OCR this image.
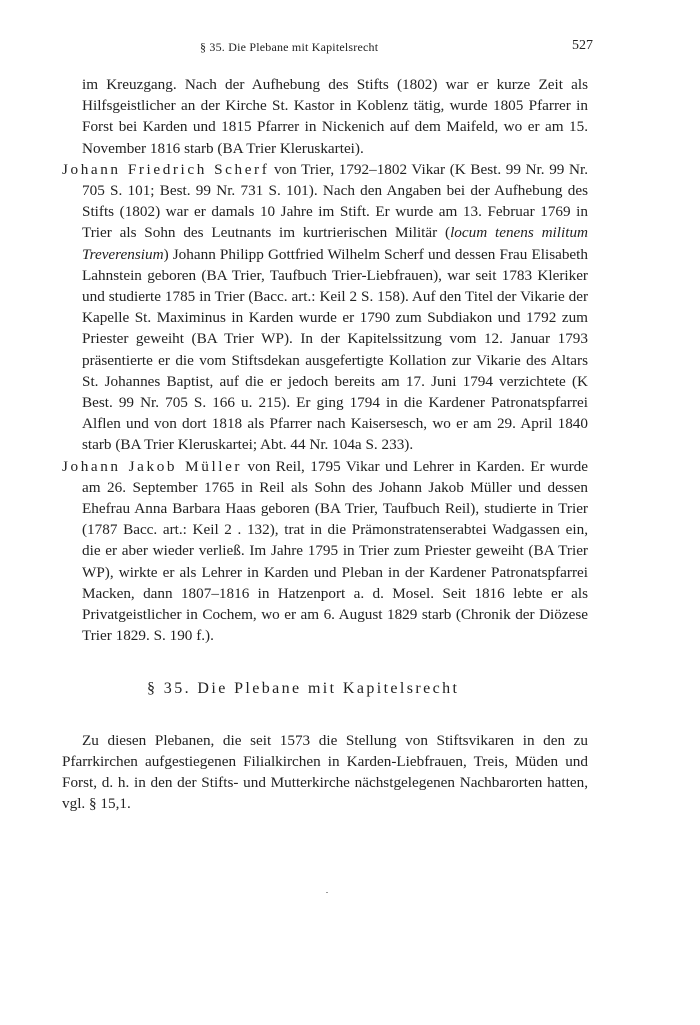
§ 35. Die Plebane mit Kapitelsrecht	527

im Kreuzgang. Nach der Aufhebung des Stifts (1802) war er kurze Zeit als Hilfsgeistlicher an der Kirche St. Kastor in Koblenz tätig, wurde 1805 Pfarrer in Forst bei Karden und 1815 Pfarrer in Nickenich auf dem Maifeld, wo er am 15. November 1816 starb (BA Trier Kleruskartei).

Johann Friedrich Scherf von Trier, 1792–1802 Vikar (K Best. 99 Nr. 99 Nr. 705 S. 101; Best. 99 Nr. 731 S. 101). Nach den Angaben bei der Aufhebung des Stifts (1802) war er damals 10 Jahre im Stift. Er wurde am 13. Februar 1769 in Trier als Sohn des Leutnants im kurtrierischen Militär (locum tenens militum Treverensium) Johann Philipp Gottfried Wilhelm Scherf und dessen Frau Elisabeth Lahnstein geboren (BA Trier, Taufbuch Trier-Liebfrauen), war seit 1783 Kleriker und studierte 1785 in Trier (Bacc. art.: Keil 2 S. 158). Auf den Titel der Vikarie der Kapelle St. Maximinus in Karden wurde er 1790 zum Subdiakon und 1792 zum Priester geweiht (BA Trier WP). In der Kapitelssitzung vom 12. Januar 1793 präsentierte er die vom Stiftsdekan ausgefertigte Kollation zur Vikarie des Altars St. Johannes Baptist, auf die er jedoch bereits am 17. Juni 1794 verzichtete (K Best. 99 Nr. 705 S. 166 u. 215). Er ging 1794 in die Kardener Patronatspfarrei Alflen und von dort 1818 als Pfarrer nach Kaisersesch, wo er am 29. April 1840 starb (BA Trier Kleruskartei; Abt. 44 Nr. 104a S. 233).

Johann Jakob Müller von Reil, 1795 Vikar und Lehrer in Karden. Er wurde am 26. September 1765 in Reil als Sohn des Johann Jakob Müller und dessen Ehefrau Anna Barbara Haas geboren (BA Trier, Taufbuch Reil), studierte in Trier (1787 Bacc. art.: Keil 2 . 132), trat in die Prämonstratenserabtei Wadgassen ein, die er aber wieder verließ. Im Jahre 1795 in Trier zum Priester geweiht (BA Trier WP), wirkte er als Lehrer in Karden und Pleban in der Kardener Patronatspfarrei Macken, dann 1807–1816 in Hatzenport a. d. Mosel. Seit 1816 lebte er als Privatgeistlicher in Cochem, wo er am 6. August 1829 starb (Chronik der Diözese Trier 1829. S. 190 f.).

§ 35. Die Plebane mit Kapitelsrecht

Zu diesen Plebanen, die seit 1573 die Stellung von Stiftsvikaren in den zu Pfarrkirchen aufgestiegenen Filialkirchen in Karden-Liebfrauen, Treis, Müden und Forst, d. h. in den der Stifts- und Mutterkirche nächstgelegenen Nachbarorten hatten, vgl. § 15,1.
